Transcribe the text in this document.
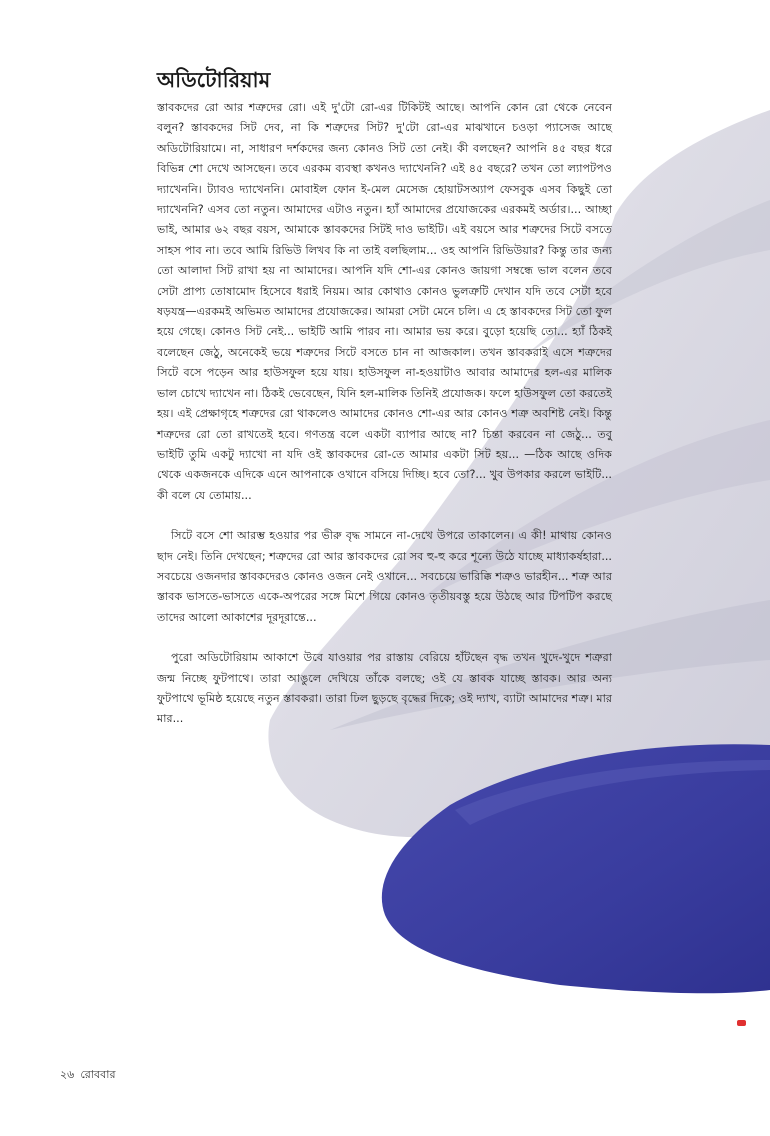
অডিটোরিয়াম

স্তাবকদের রো আর শত্রুদের রো। এই দু'টো রো-এর টিকিটই আছে। আপনি কোন রো থেকে নেবেন বলুন? স্তাবকদের সিট দেব, না কি শত্রুদের সিট? দু'টো রো-এর মাঝখানে চওড়া প্যাসেজ আছে অডিটোরিয়ামে। না, সাধারণ দর্শকদের জন্য কোনও সিট তো নেই। কী বলছেন? আপনি ৪৫ বছর ধরে বিভিন্ন শো দেখে আসছেন। তবে এরকম ব্যবস্থা কখনও দ্যাখেননি? এই ৪৫ বছরে? তখন তো ল্যাপটপও দ্যাখেননি। ট্যাবও দ্যাখেননি। মোবাইল ফোন ই-মেল মেসেজ হোয়াটসঅ্যাপ ফেসবুক এসব কিছুই তো দ্যাখেননি? এসব তো নতুন। আমাদের এটাও নতুন। হ্যাঁ আমাদের প্রযোজকের এরকমই অর্ডার।... আচ্ছা ভাই, আমার ৬২ বছর বয়স, আমাকে স্তাবকদের সিটই দাও ভাইটি। এই বয়সে আর শত্রুদের সিটে বসতে সাহস পাব না। তবে আমি রিভিউ লিখব কি না তাই বলছিলাম... ওহ আপনি রিভিউয়ার? কিন্তু তার জন্য তো আলাদা সিট রাখা হয় না আমাদের। আপনি যদি শো-এর কোনও জায়গা সম্বন্ধে ভাল বলেন তবে সেটা প্রাপ্য তোষামোদ হিসেবে ধরাই নিয়ম। আর কোথাও কোনও ভুলত্রুটি দেখান যদি তবে সেটা হবে ষড়যন্ত্র—এরকমই অভিমত আমাদের প্রযোজকের। আমরা সেটা মেনে চলি। এ হে স্তাবকদের সিট তো ফুল হয়ে গেছে। কোনও সিট নেই... ভাইটি আমি পারব না। আমার ভয় করে। বুড়ো হয়েছি তো... হ্যাঁ ঠিকই বলেছেন জেঠু, অনেকেই ভয়ে শত্রুদের সিটে বসতে চান না আজকাল। তখন স্তাবকরাই এসে শত্রুদের সিটে বসে পড়েন আর হাউসফুল হয়ে যায়। হাউসফুল না-হওয়াটাও আবার আমাদের হল-এর মালিক ভাল চোখে দ্যাখেন না। ঠিকই ভেবেছেন, যিনি হল-মালিক তিনিই প্রযোজক। ফলে হাউসফুল তো করতেই হয়। এই প্রেক্ষাগৃহে শত্রুদের রো থাকলেও আমাদের কোনও শো-এর আর কোনও শত্রু অবশিষ্ট নেই। কিন্তু শত্রুদের রো তো রাখতেই হবে। গণতন্ত্র বলে একটা ব্যাপার আছে না? চিন্তা করবেন না জেঠু... তবু ভাইটি তুমি একটু দ্যাখো না যদি ওই স্তাবকদের রো-তে আমার একটা সিট হয়... —ঠিক আছে ওদিক থেকে একজনকে এদিকে এনে আপনাকে ওখানে বসিয়ে দিচ্ছি। হবে তো?... খুব উপকার করলে ভাইটি... কী বলে যে তোমায়...

সিটে বসে শো আরম্ভ হওয়ার পর ভীরু বৃদ্ধ সামনে না-দেখে উপরে তাকালেন। এ কী! মাথায় কোনও ছাদ নেই। তিনি দেখছেন; শত্রুদের রো আর স্তাবকদের রো সব হু-হু করে শূন্যে উঠে যাচ্ছে মাধ্যাকর্ষহারা... সবচেয়ে ওজনদার স্তাবকদেরও কোনও ওজন নেই ওখানে... সবচেয়ে ভারিক্কি শত্রুও ভারহীন... শত্রু আর স্তাবক ভাসতে-ভাসতে একে-অপরের সঙ্গে মিশে গিয়ে কোনও তৃতীয়বস্তু হয়ে উঠছে আর টিপটিপ করছে তাদের আলো আকাশের দূরদূরান্তে...

পুরো অডিটোরিয়াম আকাশে উবে যাওয়ার পর রাস্তায় বেরিয়ে হাঁটছেন বৃদ্ধ তখন খুদে-খুদে শত্রুরা জন্ম নিচ্ছে ফুটপাথে। তারা আঙুলে দেখিয়ে তাঁকে বলছে; ওই যে স্তাবক যাচ্ছে স্তাবক। আর অন্য ফুটপাথে ভূমিষ্ঠ হয়েছে নতুন স্তাবকরা। তারা ঢিল ছুড়ছে বৃদ্ধের দিকে; ওই দ্যাখ, ব্যাটা আমাদের শত্রু। মার মার...

২৬ রোববার
